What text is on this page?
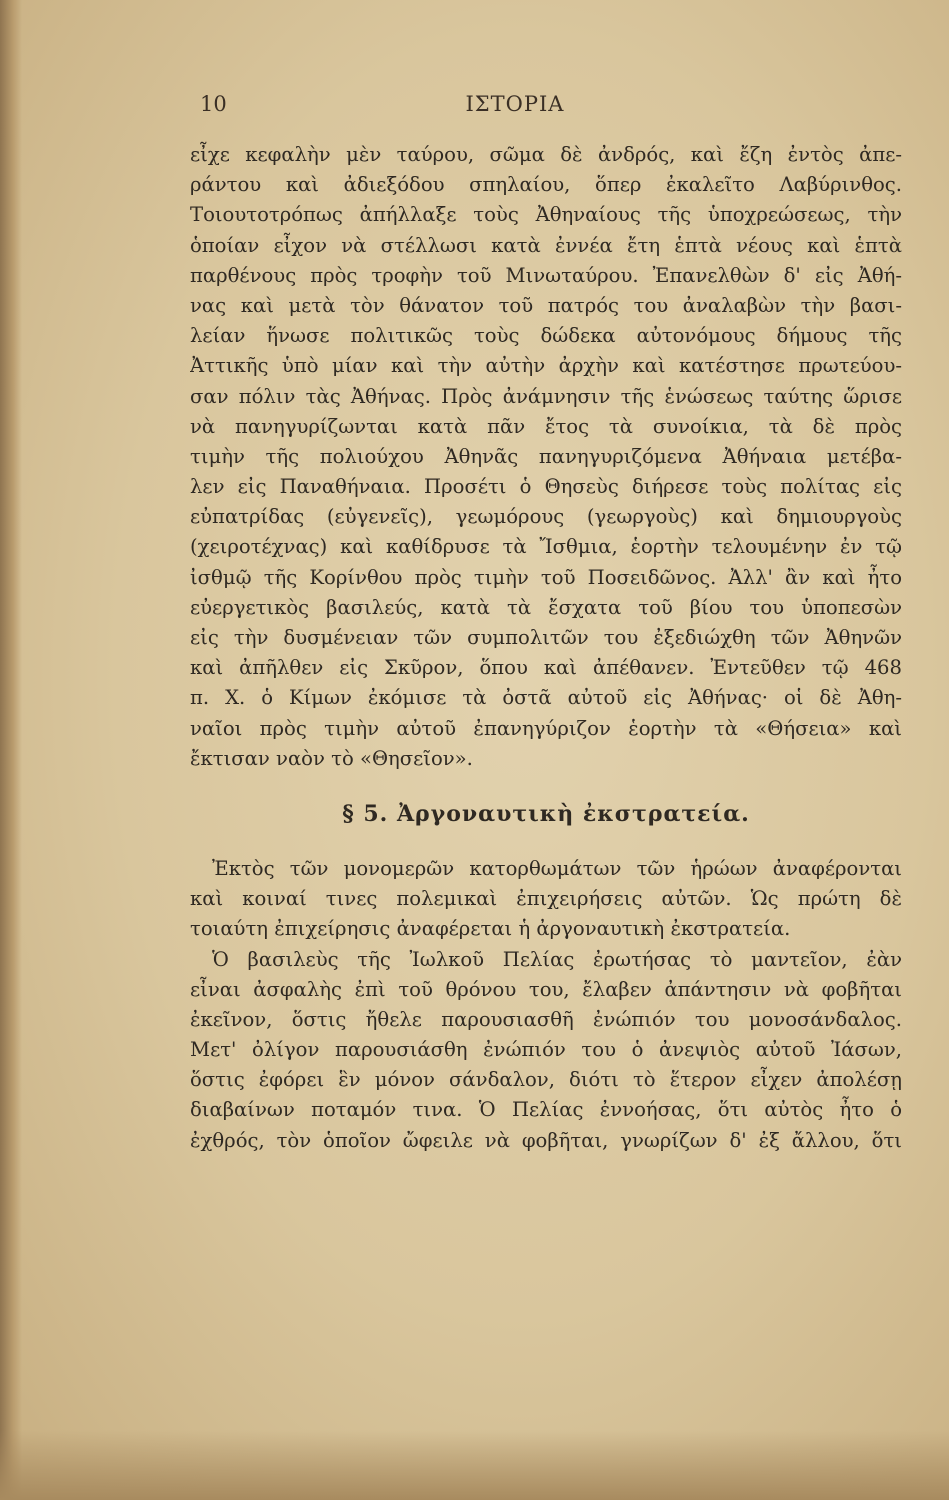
10	ΙΣΤΟΡΙΑ
εἶχε κεφαλὴν μὲν ταύρου, σῶμα δὲ ἀνδρός, καὶ ἔζη ἐντὸς ἀπε-
ράντου καὶ ἀδιεξόδου σπηλαίου, ὅπερ ἐκαλεῖτο Λαβύρινθος.
Τοιουτοτρόπως ἀπήλλαξε τοὺς Ἀθηναίους τῆς ὑποχρεώσεως, τὴν
ὁποίαν εἶχον νὰ στέλλωσι κατὰ ἐννέα ἔτη ἑπτὰ νέους καὶ ἑπτὰ
παρθένους πρὸς τροφὴν τοῦ Μινωταύρου. Ἐπανελθὼν δ' εἰς Ἀθή-
νας καὶ μετὰ τὸν θάνατον τοῦ πατρός του ἀναλαβὼν τὴν βασι-
λείαν ἥνωσε πολιτικῶς τοὺς δώδεκα αὐτονόμους δήμους τῆς
Ἀττικῆς ὑπὸ μίαν καὶ τὴν αὐτὴν ἀρχὴν καὶ κατέστησε πρωτεύου-
σαν πόλιν τὰς Ἀθήνας. Πρὸς ἀνάμνησιν τῆς ἑνώσεως ταύτης ὥρισε
νὰ πανηγυρίζωνται κατὰ πᾶν ἔτος τὰ συνοίκια, τὰ δὲ πρὸς
τιμὴν τῆς πολιούχου Ἀθηνᾶς πανηγυριζόμενα Ἀθήναια μετέβα-
λεν εἰς Παναθήναια. Προσέτι ὁ Θησεὺς διήρεσε τοὺς πολίτας εἰς
εὐπατρίδας (εὐγενεῖς), γεωμόρους (γεωργοὺς) καὶ δημιουργοὺς
(χειροτέχνας) καὶ καθίδρυσε τὰ Ἴσθμια, ἑορτὴν τελουμένην ἐν τῷ
ἰσθμῷ τῆς Κορίνθου πρὸς τιμὴν τοῦ Ποσειδῶνος. Ἀλλ' ἂν καὶ ἦτο
εὐεργετικὸς βασιλεύς, κατὰ τὰ ἔσχατα τοῦ βίου του ὑποπεσὼν
εἰς τὴν δυσμένειαν τῶν συμπολιτῶν του ἐξεδιώχθη τῶν Ἀθηνῶν
καὶ ἀπῆλθεν εἰς Σκῦρον, ὅπου καὶ ἀπέθανεν. Ἐντεῦθεν τῷ 468
π. Χ. ὁ Κίμων ἐκόμισε τὰ ὀστᾶ αὐτοῦ εἰς Ἀθήνας· οἱ δὲ Ἀθη-
ναῖοι πρὸς τιμὴν αὐτοῦ ἐπανηγύριζον ἑορτὴν τὰ «Θήσεια» καὶ
ἔκτισαν ναὸν τὸ «Θησεῖον».
§ 5. Ἀργοναυτικὴ ἐκστρατεία.
Ἐκτὸς τῶν μονομερῶν κατορθωμάτων τῶν ἡρώων ἀναφέρονται
καὶ κοιναί τινες πολεμικαὶ ἐπιχειρήσεις αὐτῶν. Ὡς πρώτη δὲ
τοιαύτη ἐπιχείρησις ἀναφέρεται ἡ ἀργοναυτικὴ ἐκστρατεία.
Ὁ βασιλεὺς τῆς Ἰωλκοῦ Πελίας ἐρωτήσας τὸ μαντεῖον, ἐὰν
εἶναι ἀσφαλὴς ἐπὶ τοῦ θρόνου του, ἔλαβεν ἀπάντησιν νὰ φοβῆται
ἐκεῖνον, ὅστις ἤθελε παρουσιασθῆ ἐνώπιόν του μονοσάνδαλος.
Μετ' ὀλίγον παρουσιάσθη ἐνώπιόν του ὁ ἀνεψιὸς αὐτοῦ Ἰάσων,
ὅστις ἐφόρει ἓν μόνον σάνδαλον, διότι τὸ ἕτερον εἶχεν ἀπολέσῃ
διαβαίνων ποταμόν τινα. Ὁ Πελίας ἐννοήσας, ὅτι αὐτὸς ἦτο ὁ
ἐχθρός, τὸν ὁποῖον ὤφειλε νὰ φοβῆται, γνωρίζων δ' ἐξ ἄλλου, ὅτι
